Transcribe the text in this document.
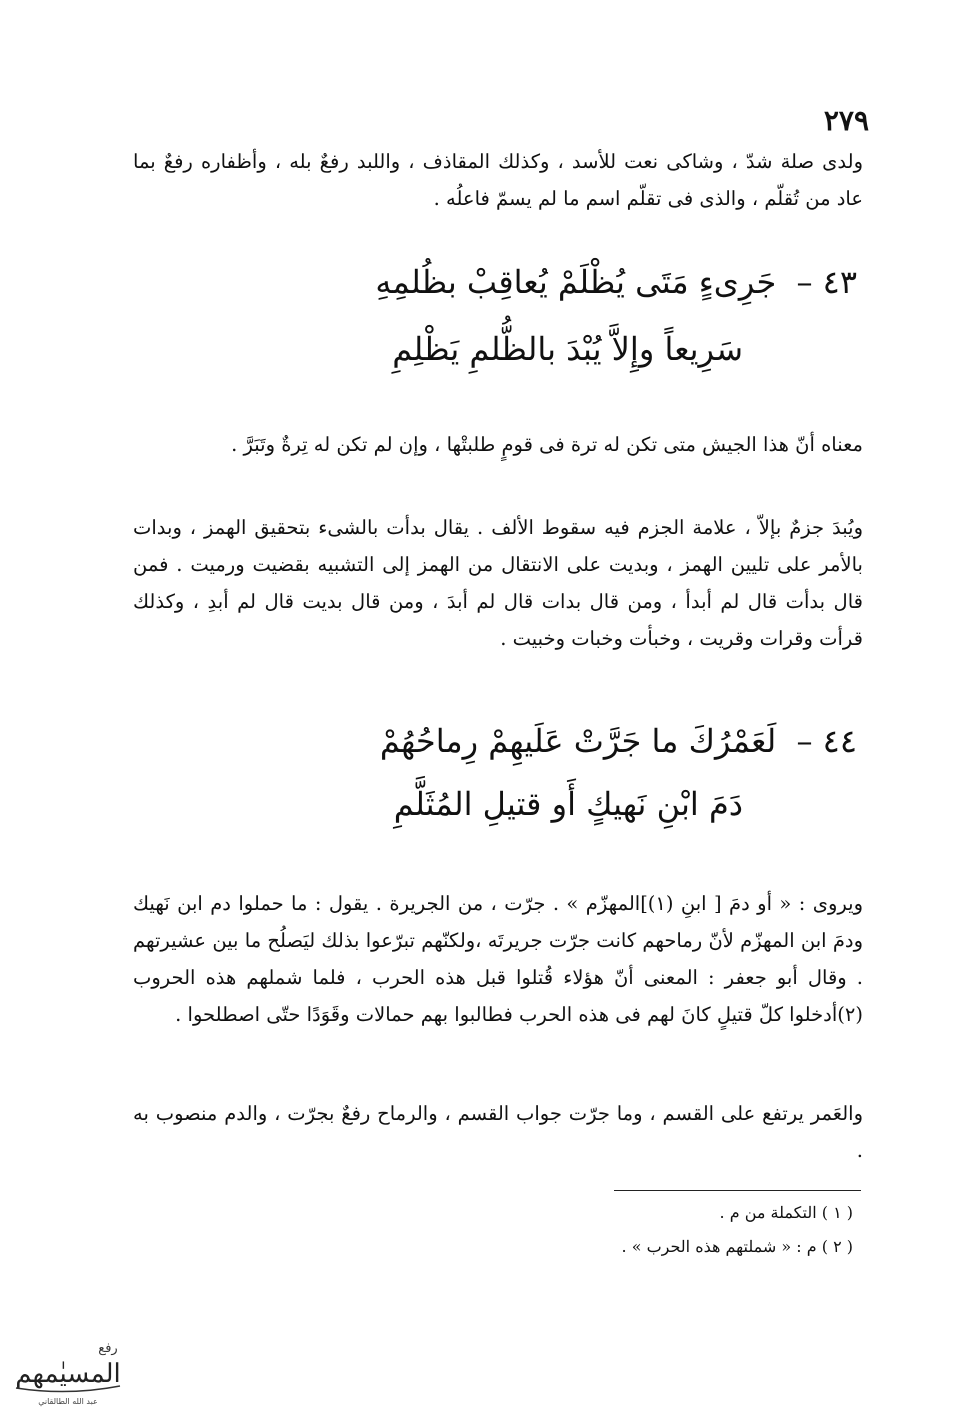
٢٧٩

ولدى صلة شدّ ، وشاكى نعت للأسد ، وكذلك المقاذف ، واللبد رفعٌ بله ، وأظفاره رفعٌ بما عاد من تُقلّم ، والذى فى تقلّم اسم ما لم يسمّ فاعلُه .

٤٣ – جَرِىءٍ مَتَى يُظْلَمْ يُعاقِبْ بظُلمِهِ
سَرِيعاً وإِلاَّ يُبْدَ بالظُّلمِ يَظْلِمِ

معناه أنّ هذا الجيش متى تكن له ترة فى قومٍ طلبتْها ، وإن لم تكن له تِرةٌ وتَبَرَّ .

ويُبدَ جزمٌ بإلاّ ، علامة الجزم فيه سقوط الألف . يقال بدأت بالشىء بتحقيق الهمز ، وبدات بالأمر على تليين الهمز ، وبديت على الانتقال من الهمز إلى التشبيه بقضيت ورميت . فمن قال بدأت قال لم أبدأ ، ومن قال بدات قال لم أبدَ ، ومن قال بديت قال لم أبدِ ، وكذلك قرأت وقرات وقريت ، وخبأت وخبات وخبيت .

٤٤ – لَعَمْرُكَ ما جَرَّتْ عَلَيهِمْ رِماحُهُمْ
دَمَ ابْنِ نَهيكٍ أَو قتيلِ المُثَلَّمِ

ويروى : « أو دمَ [ ابنِ (١)]المهزّم » . جرّت ، من الجريرة . يقول : ما حملوا دم ابن نَهيك ودمَ ابن المهزّم لأنّ رماحهم كانت جرّت جريرتَه ،ولكنّهم تبرّعوا بذلك ليَصلُح ما بين عشيرتهم . وقال أبو جعفر : المعنى أنّ هؤلاء قُتلوا قبل هذه الحرب ، فلما شملهم هذه الحروب (٢)أدخلوا كلّ قتيلٍ كانَ لهم فى هذه الحرب فطالبوا بهم حمالات وقَوَدًا حتّى اصطلحوا .

والعَمر يرتفع على القسم ، وما جرّت جواب القسم ، والرماح رفعٌ بجرّت ، والدم منصوب به .

( ١ ) التكملة من م .
( ٢ ) م : « شملتهم هذه الحرب » .
رفع
المسيٰمهم
عبد الله الطالقاني
